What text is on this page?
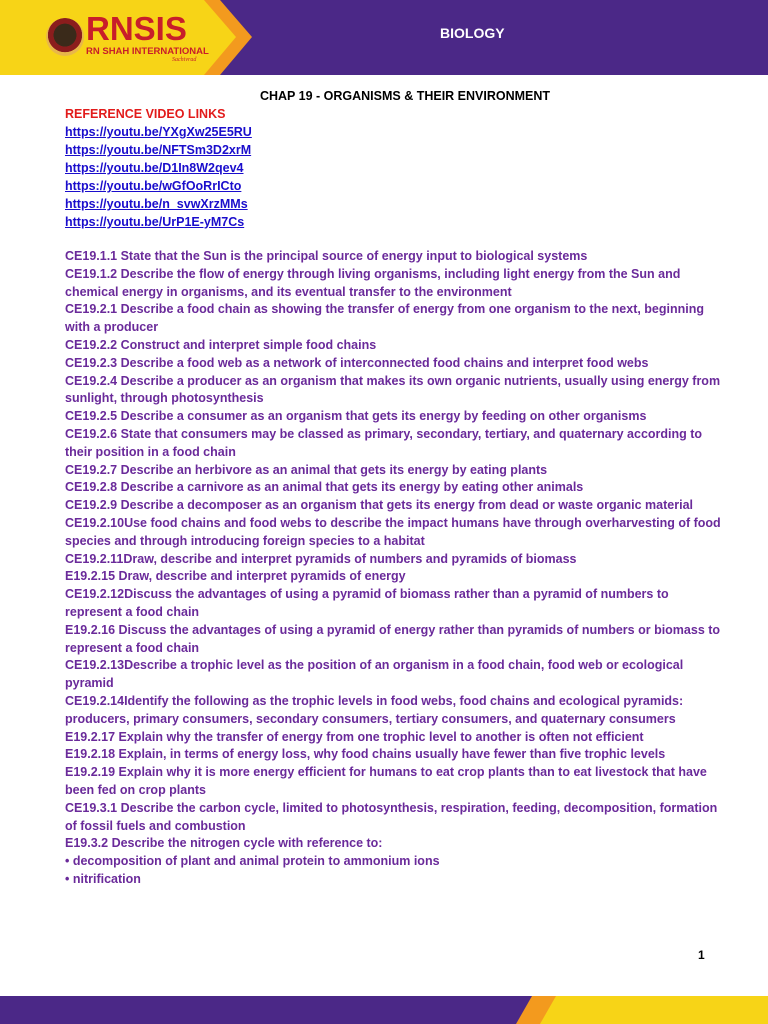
RNSIS
RN SHAH INTERNATIONAL
Sachivrad
BIOLOGY
CHAP 19 - ORGANISMS & THEIR ENVIRONMENT
REFERENCE VIDEO LINKS
https://youtu.be/YXgXw25E5RU
https://youtu.be/NFTSm3D2xrM
https://youtu.be/D1In8W2qev4
https://youtu.be/wGfOoRrICto
https://youtu.be/n_svwXrzMMs
https://youtu.be/UrP1E-yM7Cs
CE19.1.1 State that the Sun is the principal source of energy input to biological systems
CE19.1.2 Describe the flow of energy through living organisms, including light energy from the Sun and chemical energy in organisms, and its eventual transfer to the environment
CE19.2.1 Describe a food chain as showing the transfer of energy from one organism to the next, beginning with a producer
CE19.2.2 Construct and interpret simple food chains
CE19.2.3 Describe a food web as a network of interconnected food chains and interpret food webs
CE19.2.4 Describe a producer as an organism that makes its own organic nutrients, usually using energy from sunlight, through photosynthesis
CE19.2.5 Describe a consumer as an organism that gets its energy by feeding on other organisms
CE19.2.6 State that consumers may be classed as primary, secondary, tertiary, and quaternary according to their position in a food chain
CE19.2.7 Describe an herbivore as an animal that gets its energy by eating plants
CE19.2.8 Describe a carnivore as an animal that gets its energy by eating other animals
CE19.2.9 Describe a decomposer as an organism that gets its energy from dead or waste organic material
CE19.2.10Use food chains and food webs to describe the impact humans have through overharvesting of food species and through introducing foreign species to a habitat
CE19.2.11Draw, describe and interpret pyramids of numbers and pyramids of biomass
E19.2.15 Draw, describe and interpret pyramids of energy
CE19.2.12Discuss the advantages of using a pyramid of biomass rather than a pyramid of numbers to represent a food chain
E19.2.16 Discuss the advantages of using a pyramid of energy rather than pyramids of numbers or biomass to represent a food chain
CE19.2.13Describe a trophic level as the position of an organism in a food chain, food web or ecological pyramid
CE19.2.14Identify the following as the trophic levels in food webs, food chains and ecological pyramids: producers, primary consumers, secondary consumers, tertiary consumers, and quaternary consumers
E19.2.17 Explain why the transfer of energy from one trophic level to another is often not efficient
E19.2.18 Explain, in terms of energy loss, why food chains usually have fewer than five trophic levels
E19.2.19 Explain why it is more energy efficient for humans to eat crop plants than to eat livestock that have been fed on crop plants
CE19.3.1 Describe the carbon cycle, limited to photosynthesis, respiration, feeding, decomposition, formation of fossil fuels and combustion
E19.3.2 Describe the nitrogen cycle with reference to:
• decomposition of plant and animal protein to ammonium ions
• nitrification
1
